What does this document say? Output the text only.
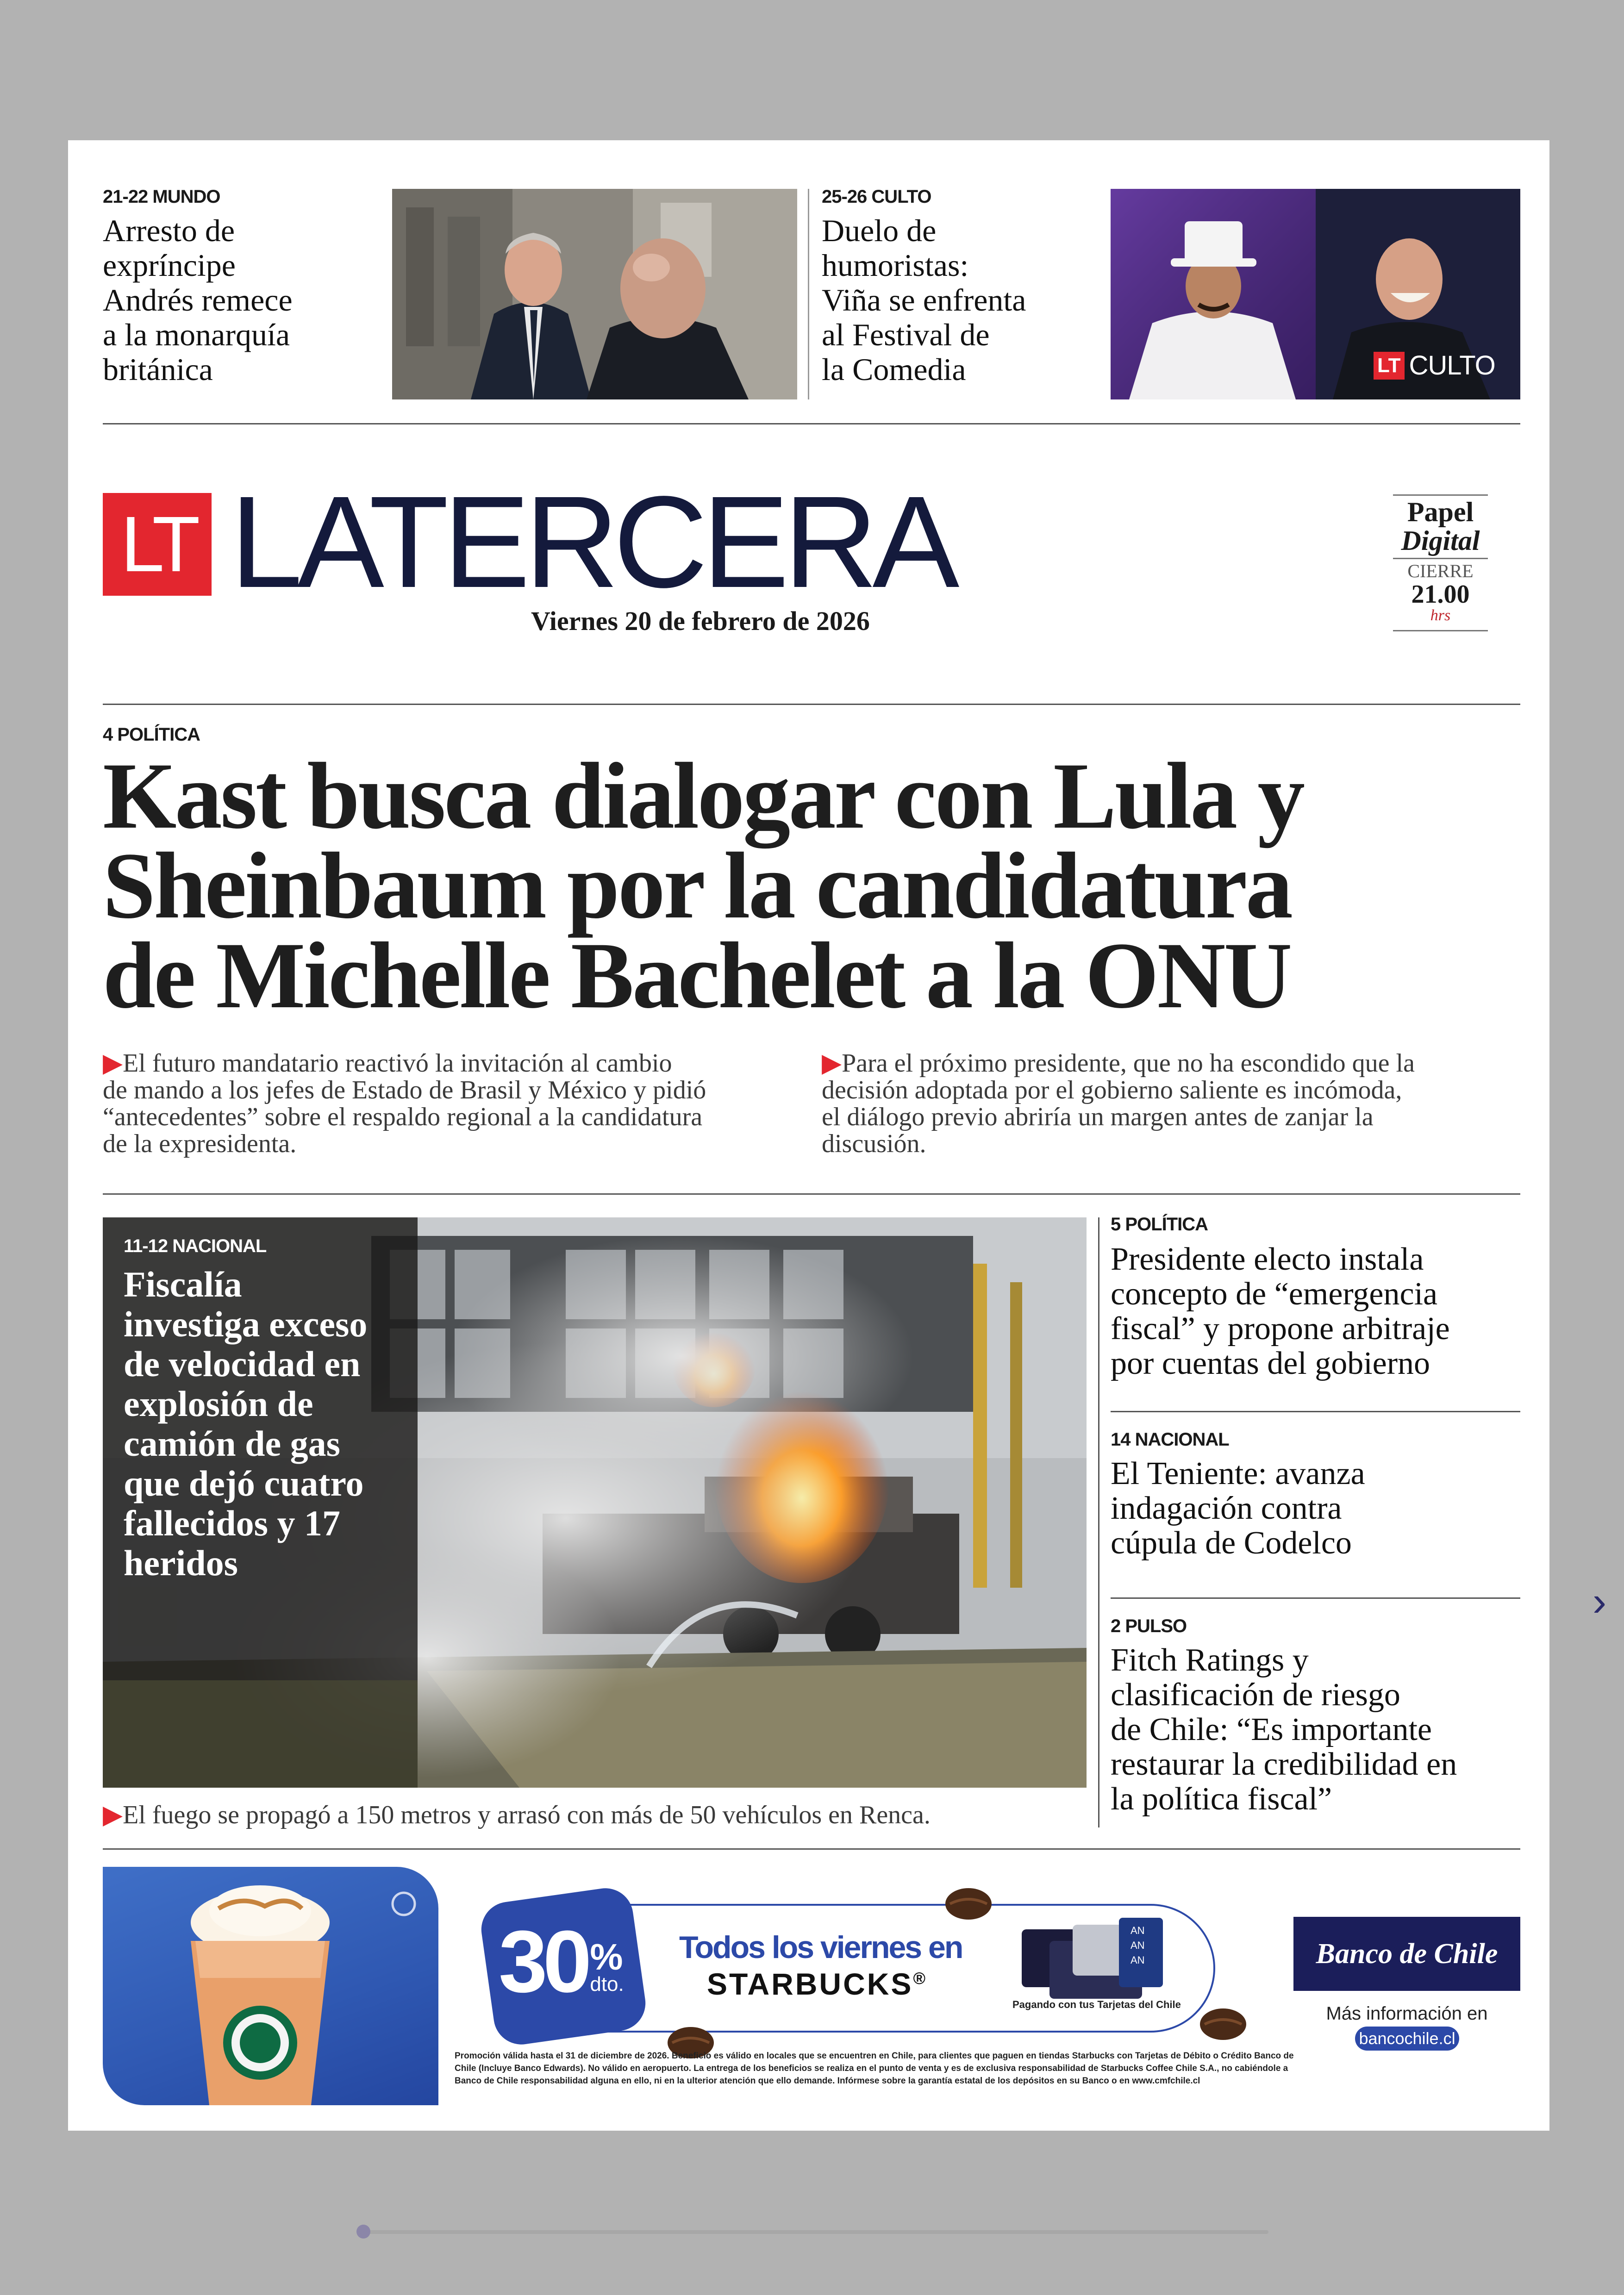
21-22 MUNDO
Arresto de
expríncipe
Andrés remece
a la monarquía
británica
25-26 CULTO
Duelo de
humoristas:
Viña se enfrenta
al Festival de
la Comedia	LT CULTO
LT LATERCERA
Viernes 20 de febrero de 2026
Papel
Digital
CIERRE
21.00
hrs
4 POLÍTICA
Kast busca dialogar con Lula y
Sheinbaum por la candidatura
de Michelle Bachelet a la ONU
▶El futuro mandatario reactivó la invitación al cambio
de mando a los jefes de Estado de Brasil y México y pidió
“antecedentes” sobre el respaldo regional a la candidatura
de la expresidenta.
▶Para el próximo presidente, que no ha escondido que la
decisión adoptada por el gobierno saliente es incómoda,
el diálogo previo abriría un margen antes de zanjar la
discusión.
11-12 NACIONAL
Fiscalía
investiga exceso
de velocidad en
explosión de
camión de gas
que dejó cuatro
fallecidos y 17
heridos
▶El fuego se propagó a 150 metros y arrasó con más de 50 vehículos en Renca.
5 POLÍTICA
Presidente electo instala
concepto de “emergencia
fiscal” y propone arbitraje
por cuentas del gobierno
14 NACIONAL
El Teniente: avanza
indagación contra
cúpula de Codelco
2 PULSO
Fitch Ratings y
clasificación de riesgo
de Chile: “Es importante
restaurar la credibilidad en
la política fiscal”
30 %
dto.
Todos los viernes en
STARBUCKS®
AN
AN
AN
Pagando con tus Tarjetas del Chile
Promoción válida hasta el 31 de diciembre de 2026. Beneficio es válido en locales que se encuentren en Chile, para clientes que paguen en tiendas Starbucks con Tarjetas de Débito o Crédito Banco de
Chile (Incluye Banco Edwards). No válido en aeropuerto. La entrega de los beneficios se realiza en el punto de venta y es de exclusiva responsabilidad de Starbucks Coffee Chile S.A., no cabiéndole a
Banco de Chile responsabilidad alguna en ello, ni en la ulterior atención que ello demande. Infórmese sobre la garantía estatal de los depósitos en su Banco o en www.cmfchile.cl
Banco de Chile
Más información en
bancochile.cl
›
